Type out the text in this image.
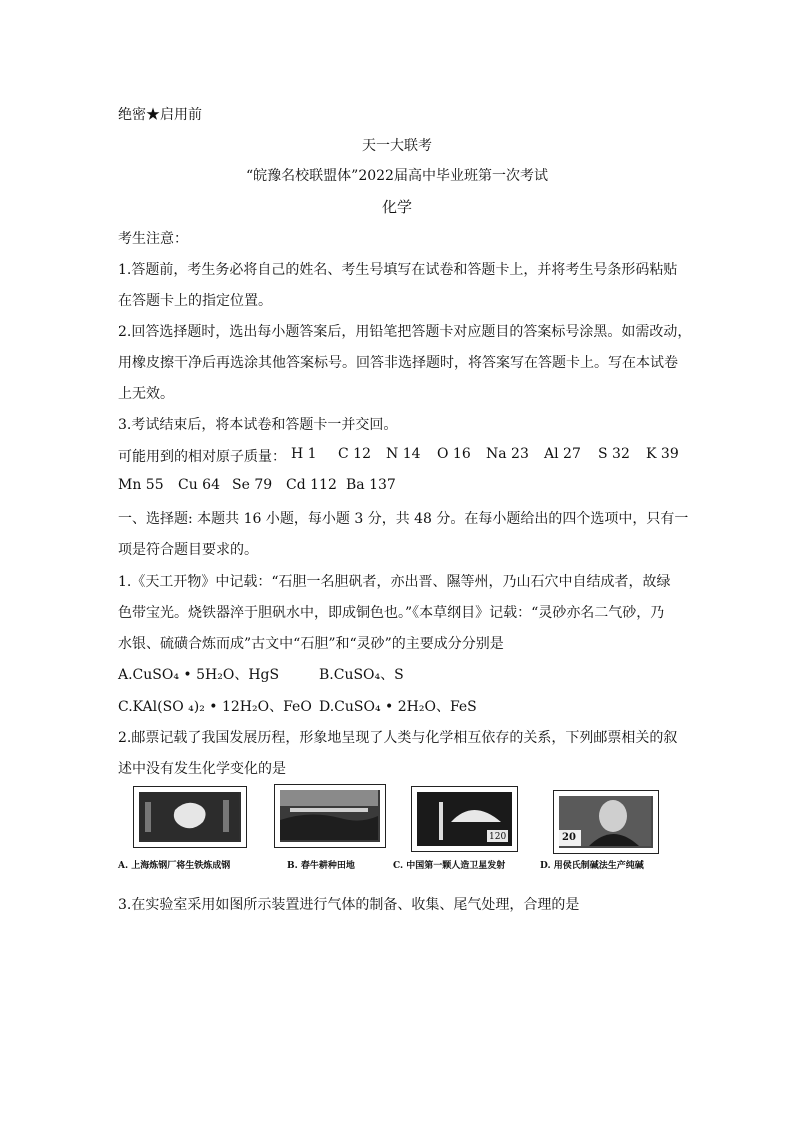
绝密★启用前
天一大联考
“皖豫名校联盟体”2022届高中毕业班第一次考试
化学
考生注意：
1.答题前，考生务必将自己的姓名、考生号填写在试卷和答题卡上，并将考生号条形码粘贴
在答题卡上的指定位置。
2.回答选择题时，选出每小题答案后，用铅笔把答题卡对应题目的答案标号涂黑。如需改动，
用橡皮擦干净后再选涂其他答案标号。回答非选择题时，将答案写在答题卡上。写在本试卷
上无效。
3.考试结束后，将本试卷和答题卡一并交回。
可能用到的相对原子质量： H 1 C 12 N 14 O 16 Na 23 Al 27 S 32 K 39
Mn 55 Cu 64 Se 79 Cd 112 Ba 137
一、选择题: 本题共 16 小题，每小题 3 分，共 48 分。在每小题给出的四个选项中，只有一
项是符合题目要求的。
1.《天工开物》中记载：“石胆一名胆矾者，亦出晋、隰等州，乃山石穴中自结成者，故绿
色带宝光。烧铁器淬于胆矾水中，即成铜色也。”《本草纲目》记载：“灵砂亦名二气砂，乃
水银、硫磺合炼而成”古文中“石胆”和“灵砂”的主要成分分别是
A.CuSO₄ • 5H₂O、HgS	B.CuSO₄、S
C.KAl(SO ₄)₂ • 12H₂O、FeO D.CuSO₄ • 2H₂O、FeS
2.邮票记载了我国发展历程，形象地呈现了人类与化学相互依存的关系，下列邮票相关的叙
述中没有发生化学变化的是
120	20
A. 上海炼钢厂将生铁炼成钢	B. 春牛耕种田地	C. 中国第一颗人造卫星发射	D. 用侯氏制碱法生产纯碱
3.在实验室采用如图所示装置进行气体的制备、收集、尾气处理，合理的是
